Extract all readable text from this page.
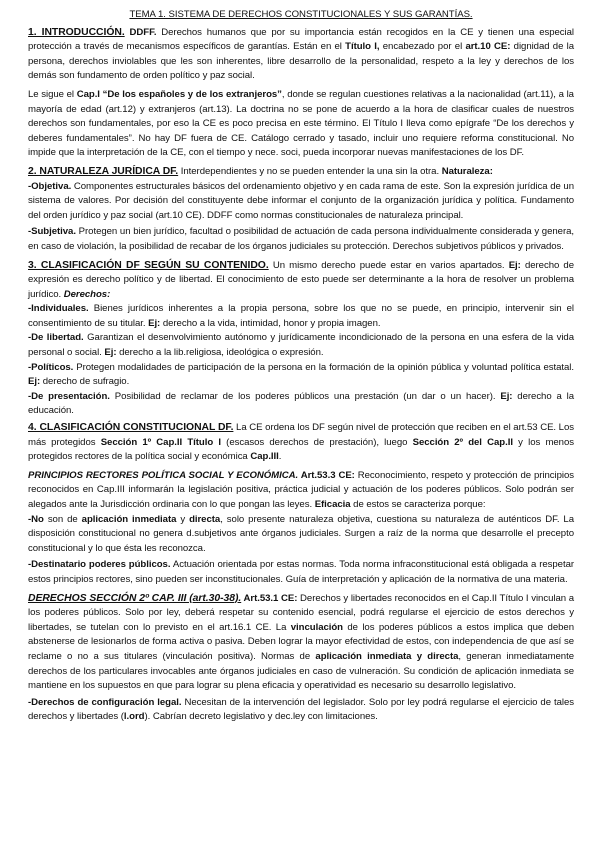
TEMA 1. SISTEMA DE DERECHOS CONSTITUCIONALES Y SUS GARANTÍAS.

1. INTRODUCCIÓN. DDFF. Derechos humanos que por su importancia están recogidos en la CE y tienen una especial protección a través de mecanismos específicos de garantías. Están en el Título I, encabezado por el art.10 CE: dignidad de la persona, derechos inviolables que les son inherentes, libre desarrollo de la personalidad, respeto a la ley y derechos de los demás son fundamento de orden político y paz social.

Le sigue el Cap.I “De los españoles y de los extranjeros”, donde se regulan cuestiones relativas a la nacionalidad (art.11), a la mayoría de edad (art.12) y extranjeros (art.13). La doctrina no se pone de acuerdo a la hora de clasificar cuales de nuestros derechos son fundamentales, por eso la CE es poco precisa en este término. El Título I lleva como epígrafe “De los derechos y deberes fundamentales”. No hay DF fuera de CE. Catálogo cerrado y tasado, incluir uno requiere reforma constitucional. No impide que la interpretación de la CE, con el tiempo y nece. soci, pueda incorporar nuevas manifestaciones de los DF.

2. NATURALEZA JURÍDICA DF. Interdependientes y no se pueden entender la una sin la otra. Naturaleza:
-Objetiva. Componentes estructurales básicos del ordenamiento objetivo y en cada rama de este. Son la expresión jurídica de un sistema de valores. Por decisión del constituyente debe informar el conjunto de la organización jurídica y política. Fundamento del orden jurídico y paz social (art.10 CE). DDFF como normas constitucionales de naturaleza principal.

-Subjetiva. Protegen un bien jurídico, facultad o posibilidad de actuación de cada persona individualmente considerada y genera, en caso de violación, la posibilidad de recabar de los órganos judiciales su protección. Derechos subjetivos públicos y privados.

3. CLASIFICACIÓN DF SEGÚN SU CONTENIDO. Un mismo derecho puede estar en varios apartados. Ej: derecho de expresión es derecho político y de libertad. El conocimiento de esto puede ser determinante a la hora de resolver un problema jurídico. Derechos:
-Individuales. Bienes jurídicos inherentes a la propia persona, sobre los que no se puede, en principio, intervenir sin el consentimiento de su titular. Ej: derecho a la vida, intimidad, honor y propia imagen.
-De libertad. Garantizan el desenvolvimiento autónomo y jurídicamente incondicionado de la persona en una esfera de la vida personal o social. Ej: derecho a la lib.religiosa, ideológica o expresión.
-Políticos. Protegen modalidades de participación de la persona en la formación de la opinión pública y voluntad política estatal. Ej: derecho de sufragio.
-De presentación. Posibilidad de reclamar de los poderes públicos una prestación (un dar o un hacer). Ej: derecho a la educación.

4. CLASIFICACIÓN CONSTITUCIONAL DF. La CE ordena los DF según nivel de protección que reciben en el art.53 CE. Los más protegidos Sección 1º Cap.II Título I (escasos derechos de prestación), luego Sección 2º del Cap.II y los menos protegidos rectores de la política social y económica Cap.III.

PRINCIPIOS RECTORES POLÍTICA SOCIAL Y ECONÓMICA. Art.53.3 CE: Reconocimiento, respeto y protección de principios reconocidos en Cap.III informarán la legislación positiva, práctica judicial y actuación de los poderes públicos. Solo podrán ser alegados ante la Jurisdicción ordinaria con lo que pongan las leyes. Eficacia de estos se caracteriza porque:
-No son de aplicación inmediata y directa, solo presente naturaleza objetiva, cuestiona su naturaleza de auténticos DF. La disposición constitucional no genera d.subjetivos ante órganos judiciales. Surgen a raíz de la norma que desarrolle el precepto constitucional y lo que ésta les reconozca.

-Destinatario poderes públicos. Actuación orientada por estas normas. Toda norma infraconstitucional está obligada a respetar estos principios rectores, sino pueden ser inconstitucionales. Guía de interpretación y aplicación de la normativa de una materia.

DERECHOS SECCIÓN 2º CAP. III (art.30-38). Art.53.1 CE: Derechos y libertades reconocidos en el Cap.II Título I vinculan a los poderes públicos. Solo por ley, deberá respetar su contenido esencial, podrá regularse el ejercicio de estos derechos y libertades, se tutelan con lo previsto en el art.16.1 CE. La vinculación de los poderes públicos a estos implica que deben abstenerse de lesionarlos de forma activa o pasiva. Deben lograr la mayor efectividad de estos, con independencia de que así se reclame o no a sus titulares (vinculación positiva). Normas de aplicación inmediata y directa, generan inmediatamente derechos de los particulares invocables ante órganos judiciales en caso de vulneración. Su condición de aplicación inmediata se mantiene en los supuestos en que para lograr su plena eficacia y operatividad es necesario su desarrollo legislativo.

-Derechos de configuración legal. Necesitan de la intervención del legislador. Solo por ley podrá regularse el ejercicio de tales derechos y libertades (l.ord). Cabrían decreto legislativo y dec.ley con limitaciones.
